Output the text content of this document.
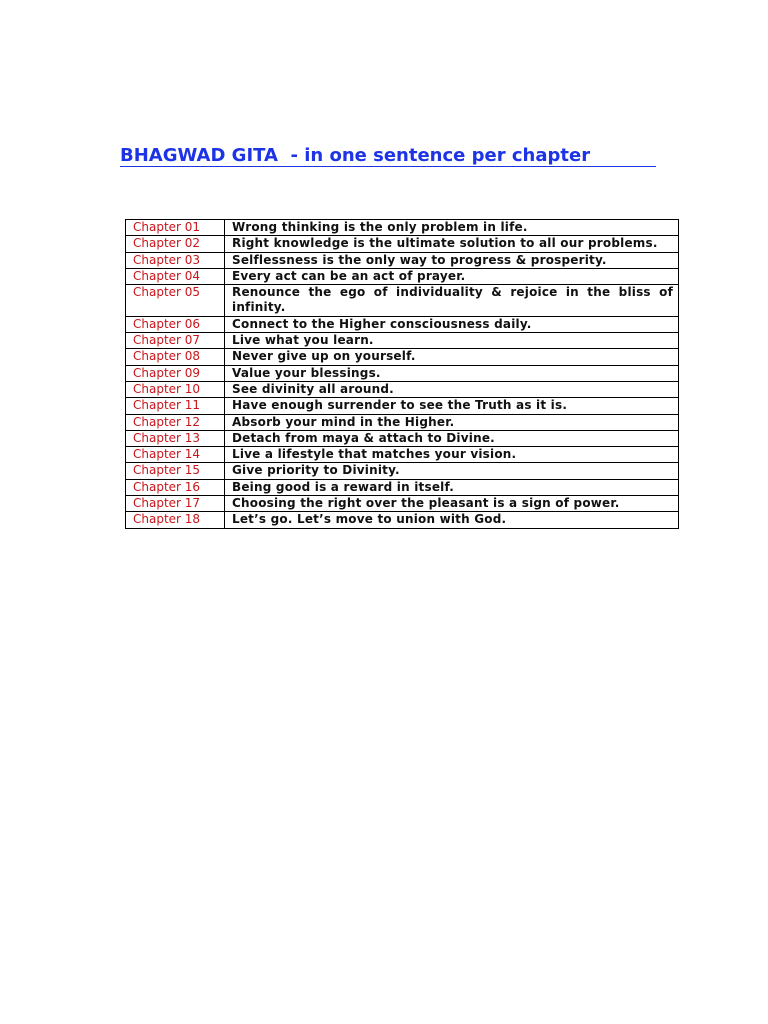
BHAGWAD GITA  - in one sentence per chapter
Chapter 01	Wrong thinking is the only problem in life.
Chapter 02	Right knowledge is the ultimate solution to all our problems.
Chapter 03	Selflessness is the only way to progress & prosperity.
Chapter 04	Every act can be an act of prayer.
Chapter 05	Renounce the ego of individuality & rejoice in the bliss of infinity.
Chapter 06	Connect to the Higher consciousness daily.
Chapter 07	Live what you learn.
Chapter 08	Never give up on yourself.
Chapter 09	Value your blessings.
Chapter 10	See divinity all around.
Chapter 11	Have enough surrender to see the Truth as it is.
Chapter 12	Absorb your mind in the Higher.
Chapter 13	Detach from maya & attach to Divine.
Chapter 14	Live a lifestyle that matches your vision.
Chapter 15	Give priority to Divinity.
Chapter 16	Being good is a reward in itself.
Chapter 17	Choosing the right over the pleasant is a sign of power.
Chapter 18	Let’s go. Let’s move to union with God.
